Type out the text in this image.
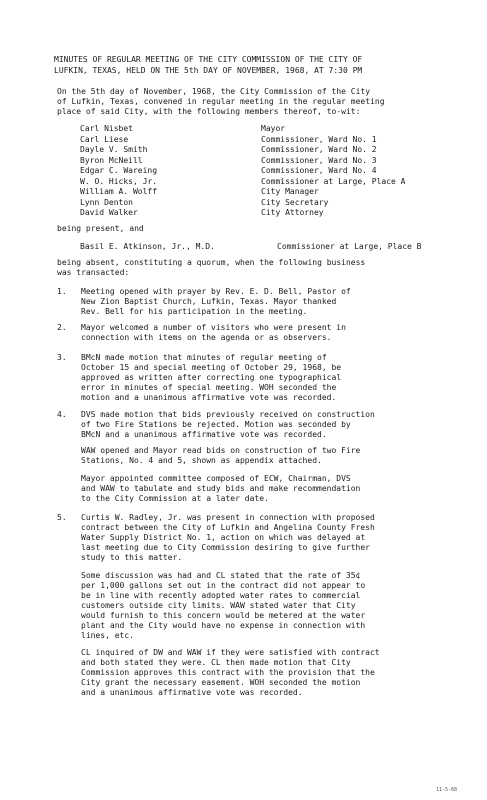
MINUTES OF REGULAR MEETING OF THE CITY COMMISSION OF THE CITY OF
LUFKIN, TEXAS, HELD ON THE 5th DAY OF NOVEMBER, 1968, AT 7:30 PM
On the 5th day of November, 1968, the City Commission of the City
of Lufkin, Texas, convened in regular meeting in the regular meeting
place of said City, with the following members thereof, to-wit:
Carl Nisbet	Mayor
Carl Liese	Commissioner, Ward No. 1
Dayle V. Smith	Commissioner, Ward No. 2
Byron McNeill	Commissioner, Ward No. 3
Edgar C. Wareing	Commissioner, Ward No. 4
W. O. Hicks, Jr.	Commissioner at Large, Place A
William A. Wolff	City Manager
Lynn Denton	City Secretary
David Walker	City Attorney
being present, and
Basil E. Atkinson, Jr., M.D.	Commissioner at Large, Place B
being absent, constituting a quorum, when the following business
was transacted:
1. Meeting opened with prayer by Rev. E. D. Bell, Pastor of
New Zion Baptist Church, Lufkin, Texas. Mayor thanked
Rev. Bell for his participation in the meeting.
2. Mayor welcomed a number of visitors who were present in
connection with items on the agenda or as observers.
3. BMcN made motion that minutes of regular meeting of
October 15 and special meeting of October 29, 1968, be
approved as written after correcting one typographical
error in minutes of special meeting. WOH seconded the
motion and a unanimous affirmative vote was recorded.
4. DVS made motion that bids previously received on construction
of two Fire Stations be rejected. Motion was seconded by
BMcN and a unanimous affirmative vote was recorded.
WAW opened and Mayor read bids on construction of two Fire
Stations, No. 4 and 5, shown as appendix attached.
Mayor appointed committee composed of ECW, Chairman, DVS
and WAW to tabulate and study bids and make recommendation
to the City Commission at a later date.
5. Curtis W. Radley, Jr. was present in connection with proposed
contract between the City of Lufkin and Angelina County Fresh
Water Supply District No. 1, action on which was delayed at
last meeting due to City Commission desiring to give further
study to this matter.
Some discussion was had and CL stated that the rate of 35¢
per 1,000 gallons set out in the contract did not appear to
be in line with recently adopted water rates to commercial
customers outside city limits. WAW stated water that City
would furnish to this concern would be metered at the water
plant and the City would have no expense in connection with
lines, etc.
CL inquired of DW and WAW if they were satisfied with contract
and both stated they were. CL then made motion that City
Commission approves this contract with the provision that the
City grant the necessary easement. WOH seconded the motion
and a unanimous affirmative vote was recorded.
11-5-68
